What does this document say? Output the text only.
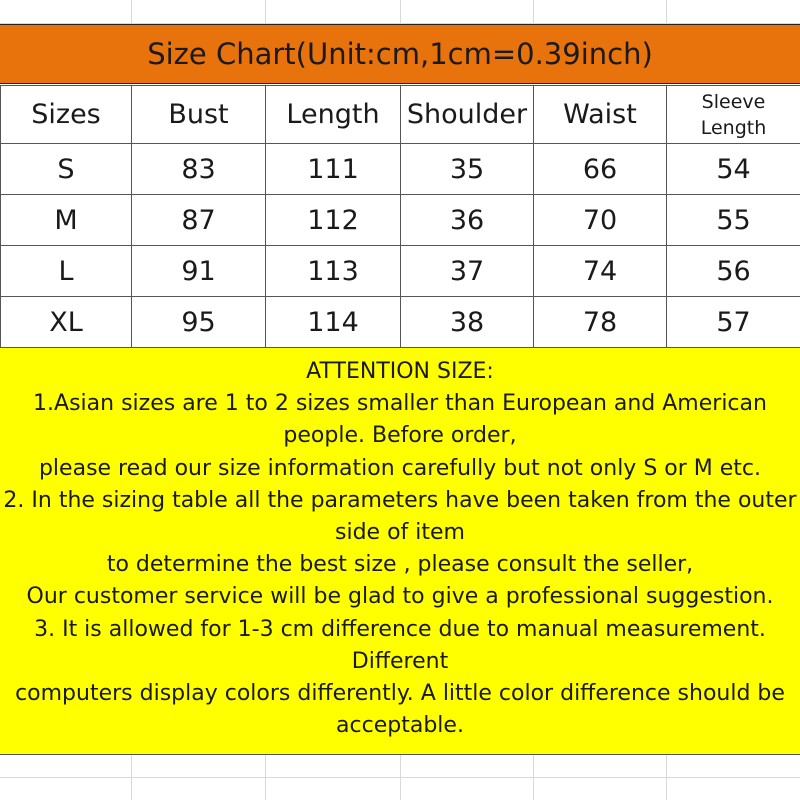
Size Chart(Unit:cm,1cm=0.39inch)
Sizes	Bust	Length	Shoulder	Waist	Sleeve
Length
S	83	111	35	66	54
M	87	112	36	70	55
L	91	113	37	74	56
XL	95	114	38	78	57
ATTENTION SIZE:
1.Asian sizes are 1 to 2 sizes smaller than European and American
people. Before order,
please read our size information carefully but not only S or M etc.
2. In the sizing table all the parameters have been taken from the outer
side of item
to determine the best size , please consult the seller,
Our customer service will be glad to give a professional suggestion.
3. It is allowed for 1-3 cm difference due to manual measurement.
Different
computers display colors differently. A little color difference should be
acceptable.
